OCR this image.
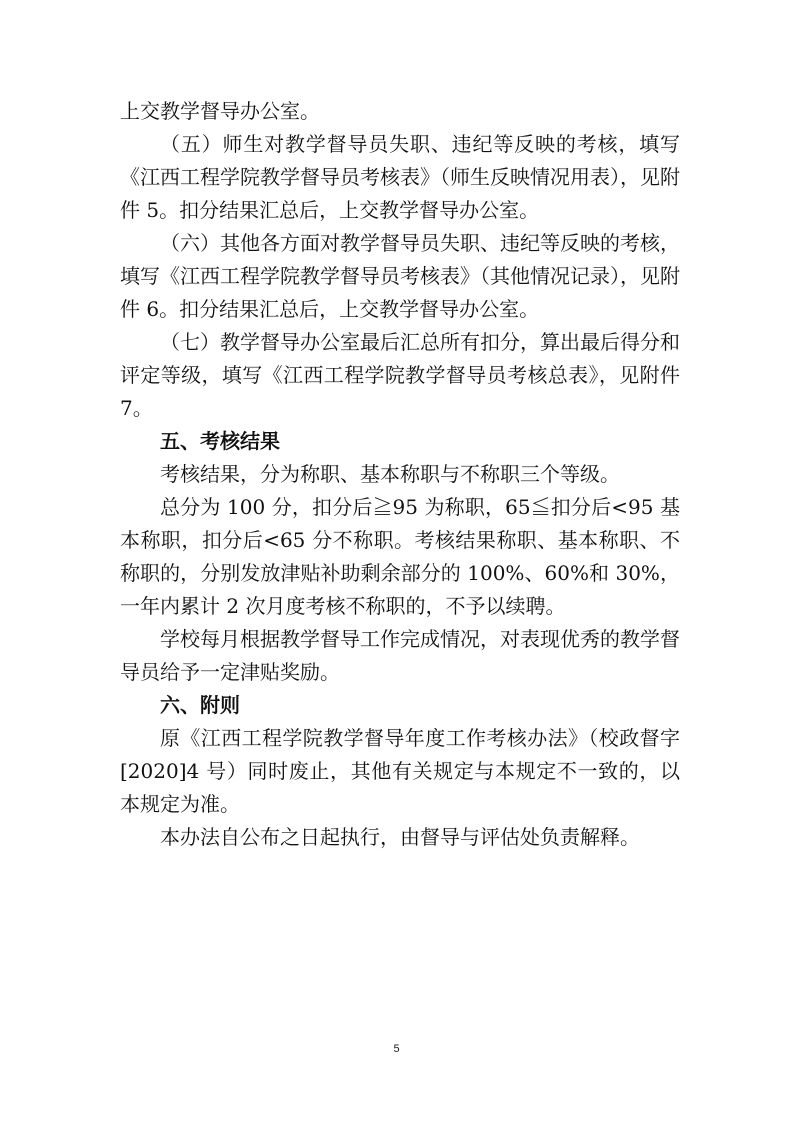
上交教学督导办公室。

（五）师生对教学督导员失职、违纪等反映的考核，填写《江西工程学院教学督导员考核表》（师生反映情况用表），见附件 5。扣分结果汇总后，上交教学督导办公室。

（六）其他各方面对教学督导员失职、违纪等反映的考核，填写《江西工程学院教学督导员考核表》（其他情况记录），见附件 6。扣分结果汇总后，上交教学督导办公室。

（七）教学督导办公室最后汇总所有扣分，算出最后得分和评定等级，填写《江西工程学院教学督导员考核总表》，见附件 7。

五、考核结果

考核结果，分为称职、基本称职与不称职三个等级。

总分为 100 分，扣分后≧95 为称职，65≦扣分后<95 基本称职，扣分后<65 分不称职。考核结果称职、基本称职、不称职的，分别发放津贴补助剩余部分的 100%、60%和 30%，一年内累计 2 次月度考核不称职的，不予以续聘。

学校每月根据教学督导工作完成情况，对表现优秀的教学督导员给予一定津贴奖励。

六、附则

原《江西工程学院教学督导年度工作考核办法》（校政督字[2020]4 号）同时废止，其他有关规定与本规定不一致的，以本规定为准。

本办法自公布之日起执行，由督导与评估处负责解释。

5
